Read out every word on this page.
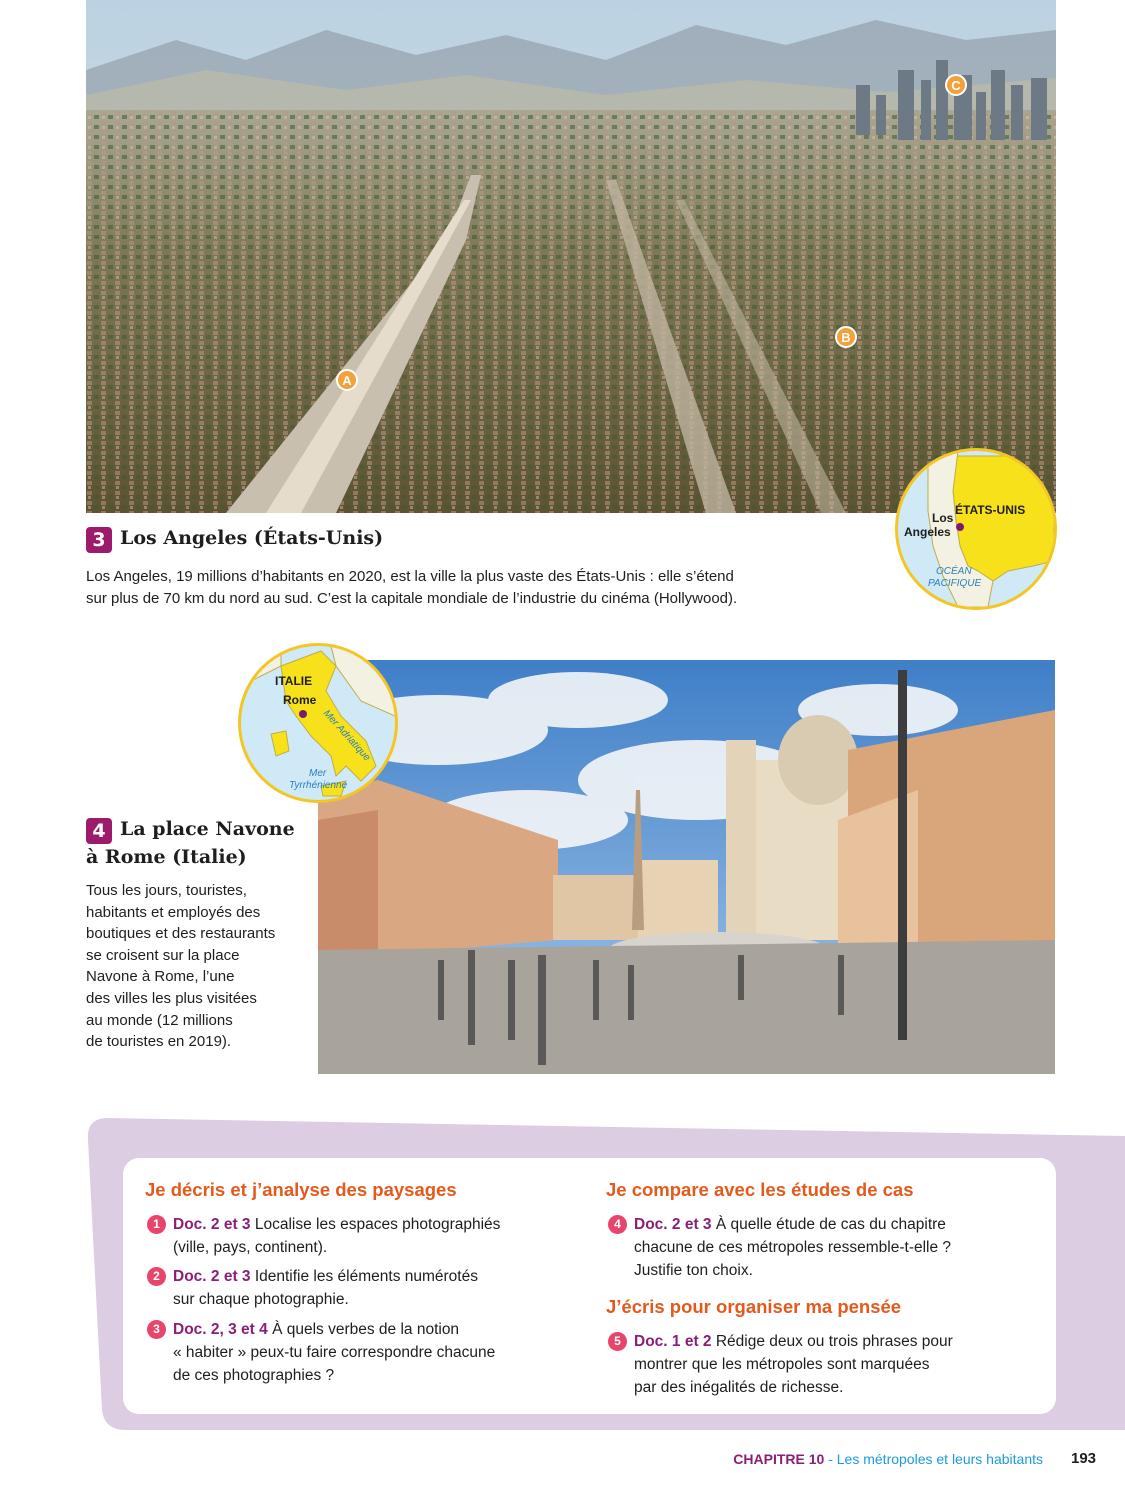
A
B
C
ÉTATS-UNIS
Los
Angeles
OCÉAN
PACIFIQUE
3 Los Angeles (États-Unis)
Los Angeles, 19 millions d’habitants en 2020, est la ville la plus vaste des États-Unis : elle s’étend
sur plus de 70 km du nord au sud. C’est la capitale mondiale de l’industrie du cinéma (Hollywood).
ITALIE
Rome
Mer Adriatique
Mer
Tyrrhénienne
4 La place Navone
à Rome (Italie)
Tous les jours, touristes,
habitants et employés des
boutiques et des restaurants
se croisent sur la place
Navone à Rome, l’une
des villes les plus visitées
au monde (12 millions
de touristes en 2019).
Je décris et j’analyse des paysages	Je compare avec les études de cas
J’écris pour organiser ma pensée
1 Doc. 2 et 3 Localise les espaces photographiés
(ville, pays, continent).
2 Doc. 2 et 3 Identifie les éléments numérotés
sur chaque photographie.
3 Doc. 2, 3 et 4 À quels verbes de la notion
« habiter » peux-tu faire correspondre chacune
de ces photographies ?
4 Doc. 2 et 3 À quelle étude de cas du chapitre
chacune de ces métropoles ressemble-t-elle ?
Justifie ton choix.
5 Doc. 1 et 2 Rédige deux ou trois phrases pour
montrer que les métropoles sont marquées
par des inégalités de richesse.
CHAPITRE 10 - Les métropoles et leurs habitants 193
